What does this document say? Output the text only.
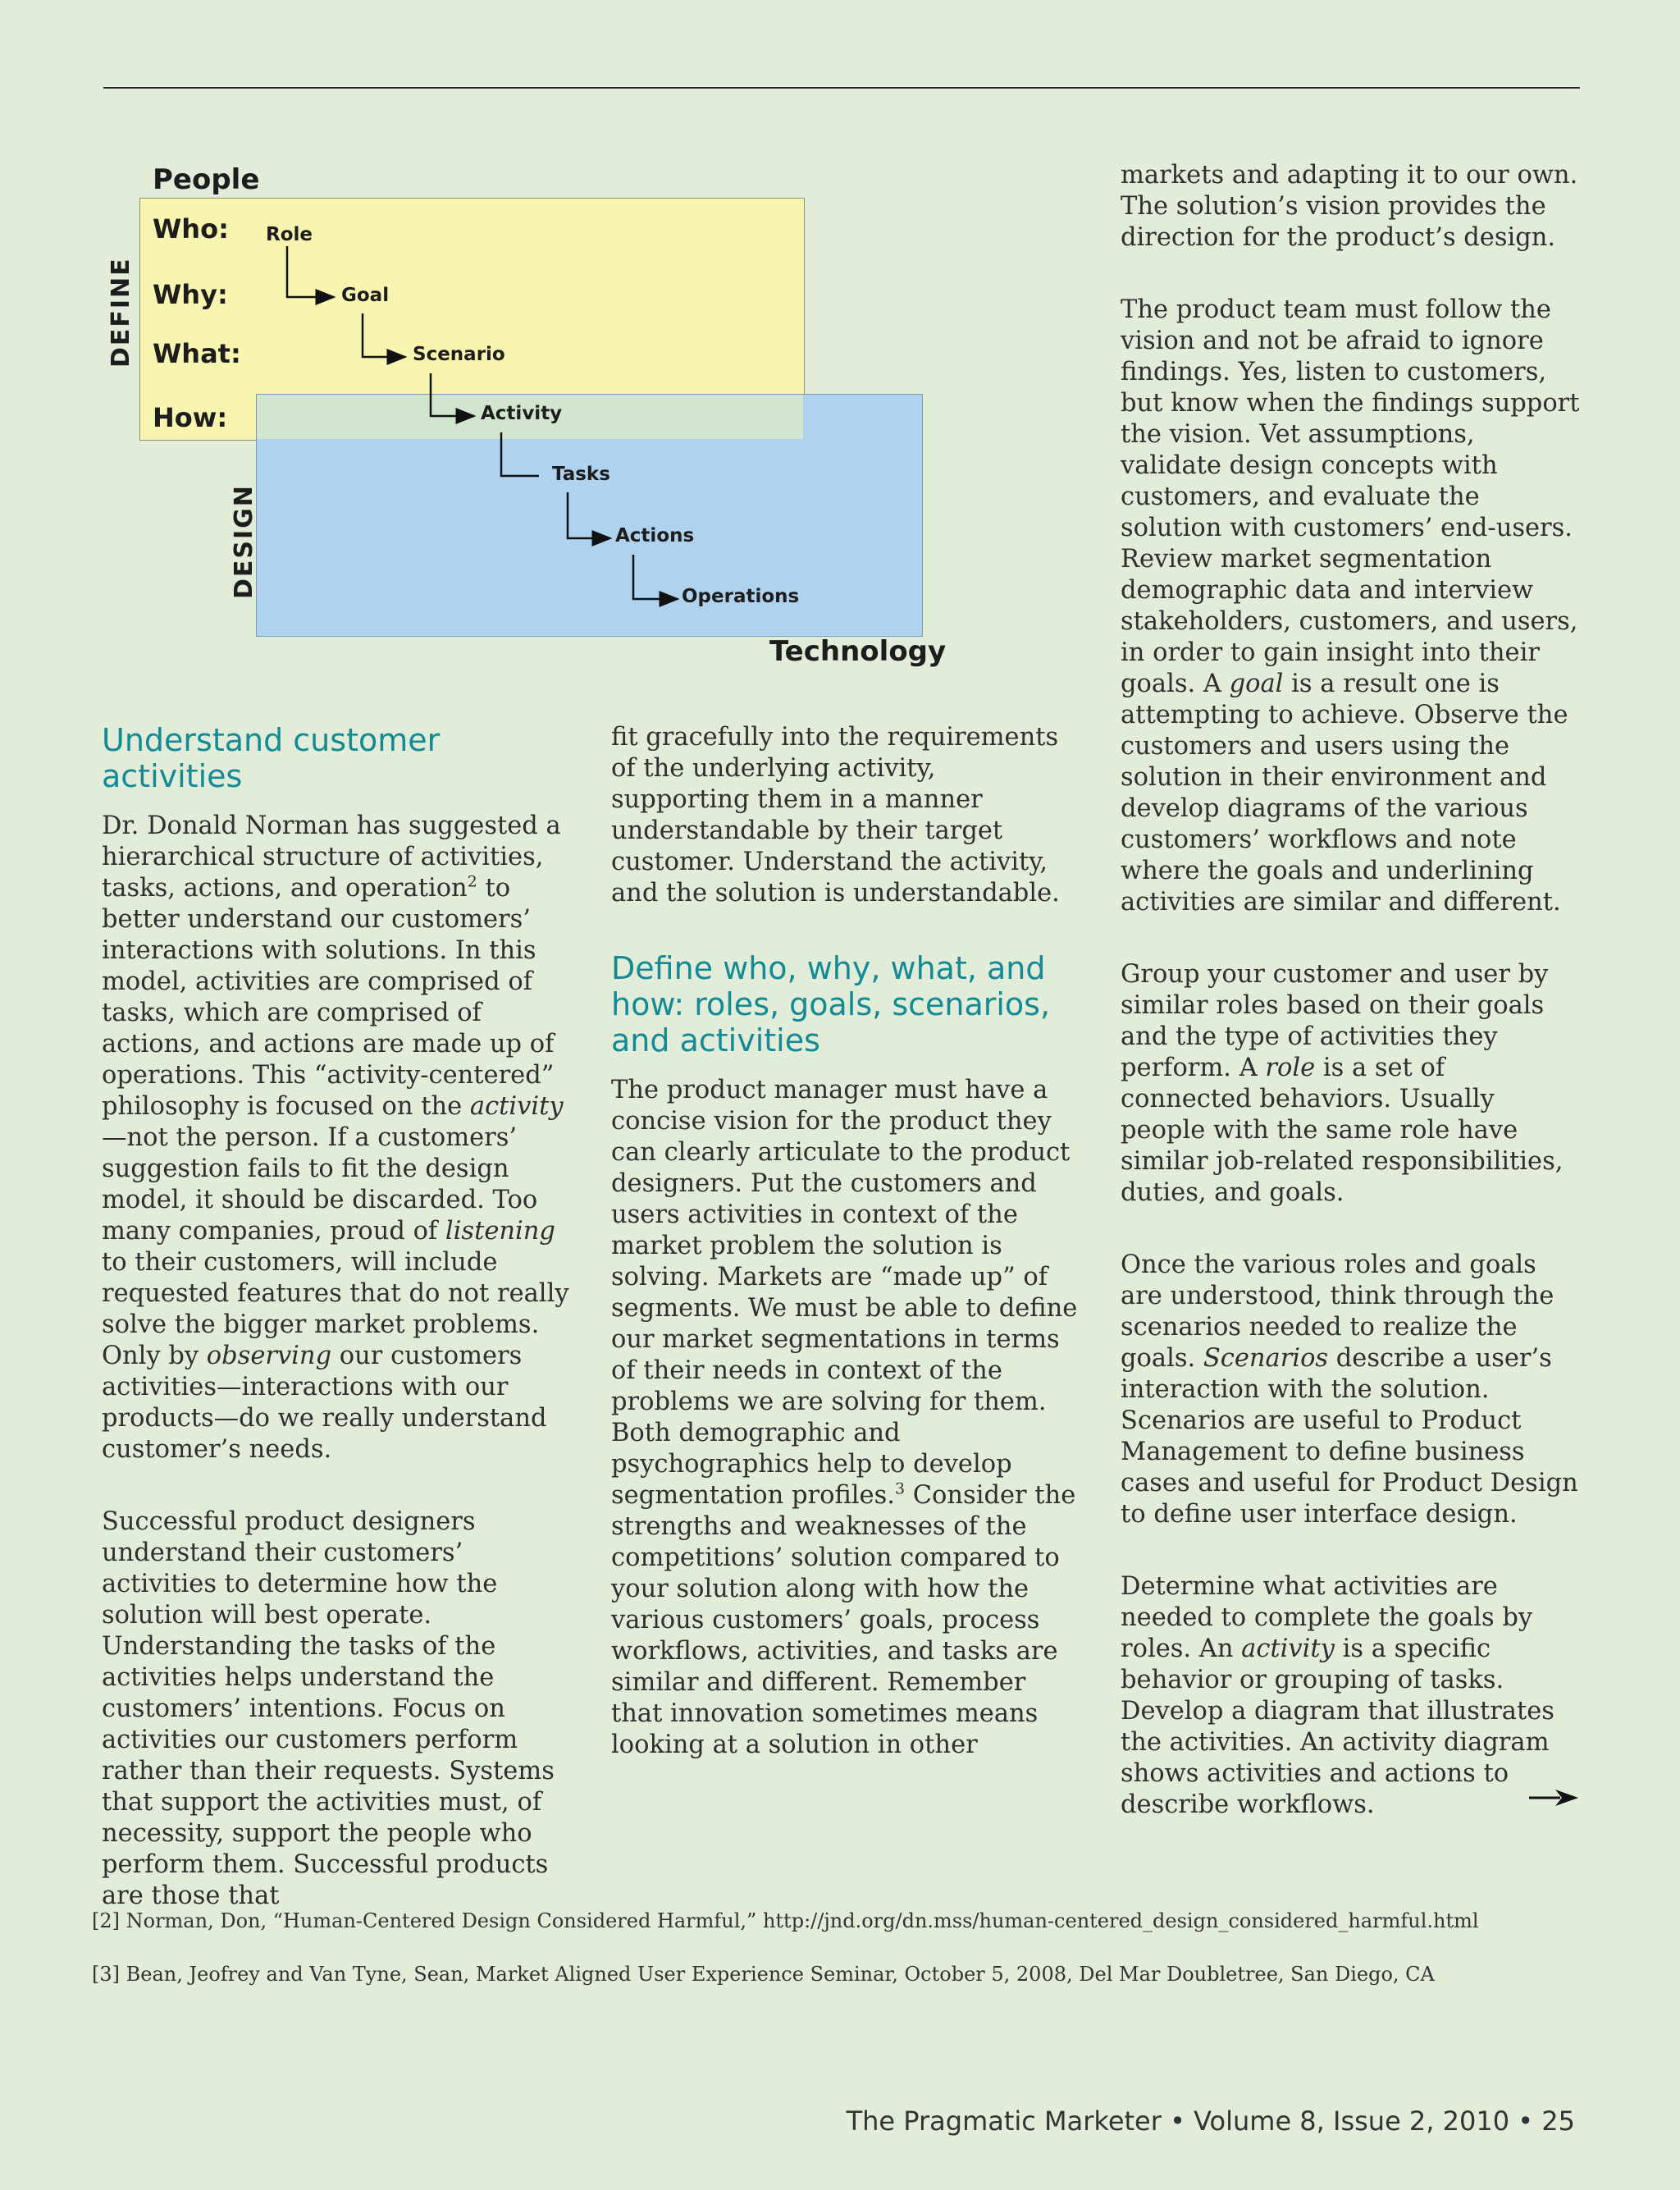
People
Technology
DEFINE
DESIGN
Who:
Why:
What:
How:
Role
Goal
Scenario
Activity
Tasks
Actions
Operations
Understand customer activities

Dr. Donald Norman has suggested a hierarchical structure of activities, tasks, actions, and operation$^2$ to better understand our customers’ interactions with solutions. In this model, activities are comprised of tasks, which are comprised of actions, and actions are made up of operations. This “activity-centered” philosophy is focused on the activity—not the person. If a customers’ suggestion fails to fit the design model, it should be discarded. Too many companies, proud of listening to their customers, will include requested features that do not really solve the bigger market problems. Only by observing our customers activities—interactions with our products—do we really understand customer’s needs.

Successful product designers understand their customers’ activities to determine how the solution will best operate. Understanding the tasks of the activities helps understand the customers’ intentions. Focus on activities our customers perform rather than their requests. Systems that support the activities must, of necessity, support the people who perform them. Successful products are those that

fit gracefully into the requirements of the underlying activity, supporting them in a manner understandable by their target customer. Understand the activity, and the solution is understandable.

Define who, why, what, and how: roles, goals, scenarios, and activities

The product manager must have a concise vision for the product they can clearly articulate to the product designers. Put the customers and users activities in context of the market problem the solution is solving. Markets are “made up” of segments. We must be able to define our market segmentations in terms of their needs in context of the problems we are solving for them. Both demographic and psychographics help to develop segmentation profiles.$^3$ Consider the strengths and weaknesses of the competitions’ solution compared to your solution along with how the various customers’ goals, process workflows, activities, and tasks are similar and different. Remember that innovation sometimes means looking at a solution in other

markets and adapting it to our own. The solution’s vision provides the direction for the product’s design.

The product team must follow the vision and not be afraid to ignore findings. Yes, listen to customers, but know when the findings support the vision. Vet assumptions, validate design concepts with customers, and evaluate the solution with customers’ end-users. Review market segmentation demographic data and interview stakeholders, customers, and users, in order to gain insight into their goals. A goal is a result one is attempting to achieve. Observe the customers and users using the solution in their environment and develop diagrams of the various customers’ workflows and note where the goals and underlining activities are similar and different.

Group your customer and user by similar roles based on their goals and the type of activities they perform. A role is a set of connected behaviors. Usually people with the same role have similar job-related responsibilities, duties, and goals.

Once the various roles and goals are understood, think through the scenarios needed to realize the goals. Scenarios describe a user’s interaction with the solution. Scenarios are useful to Product Management to define business cases and useful for Product Design to define user interface design.

Determine what activities are needed to complete the goals by roles. An activity is a specific behavior or grouping of tasks. Develop a diagram that illustrates the activities. An activity diagram shows activities and actions to describe workflows.

[2] Norman, Don, “Human-Centered Design Considered Harmful,” http://jnd.org/dn.mss/human-centered_design_considered_harmful.html
[3] Bean, Jeofrey and Van Tyne, Sean, Market Aligned User Experience Seminar, October 5, 2008, Del Mar Doubletree, San Diego, CA
The Pragmatic Marketer • Volume 8, Issue 2, 2010 • 25
